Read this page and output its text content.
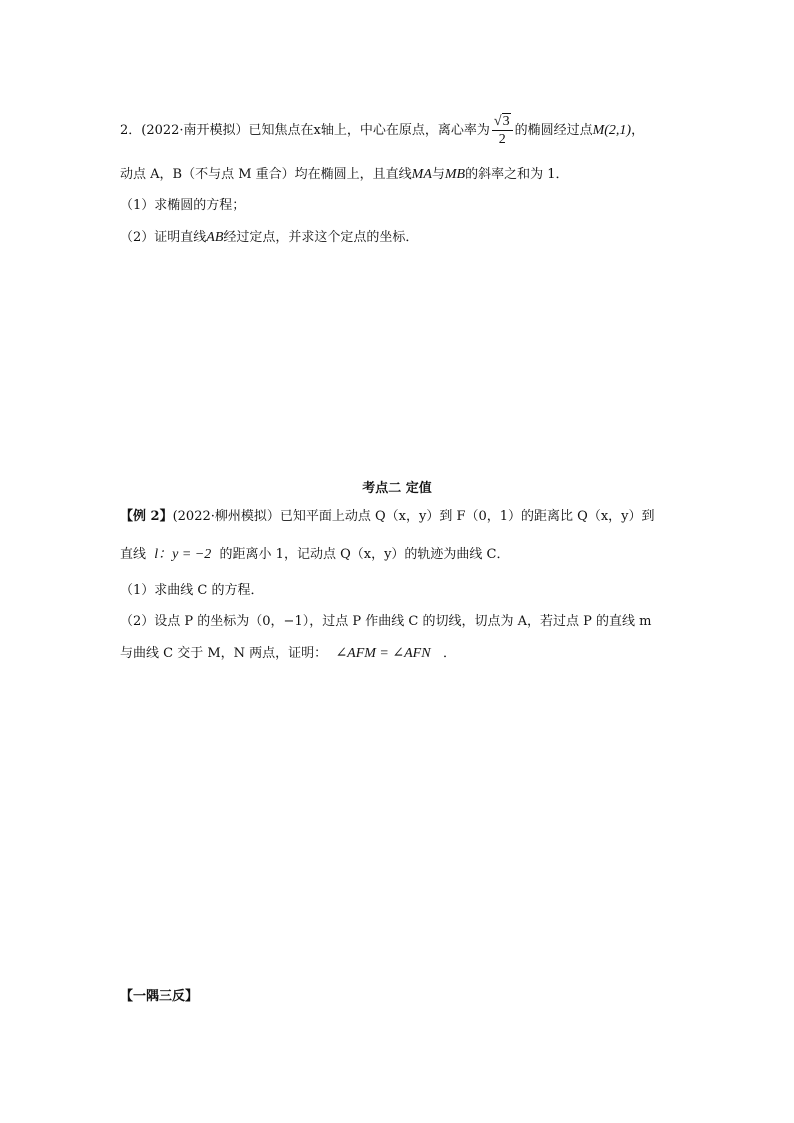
2．(2022·南开模拟）已知焦点在x轴上，中心在原点，离心率为 $\frac{√3}{2}$ 的椭圆经过点M(2,1)，
动点 A，B（不与点 M 重合）均在椭圆上，且直线MA与MB的斜率之和为 1．
（1）求椭圆的方程；
（2）证明直线AB经过定点，并求这个定点的坐标．
考点二 定值
【例 2】(2022·柳州模拟）已知平面上动点 Q（x，y）到 F（0，1）的距离比 Q（x，y）到
直线 l：y = −2 的距离小 1，记动点 Q（x，y）的轨迹为曲线 C．
（1）求曲线 C 的方程．
（2）设点 P 的坐标为（0，−1），过点 P 作曲线 C 的切线，切点为 A，若过点 P 的直线 m
与曲线 C 交于 M，N 两点，证明： ∠AFM = ∠AFN ．
【一隅三反】
